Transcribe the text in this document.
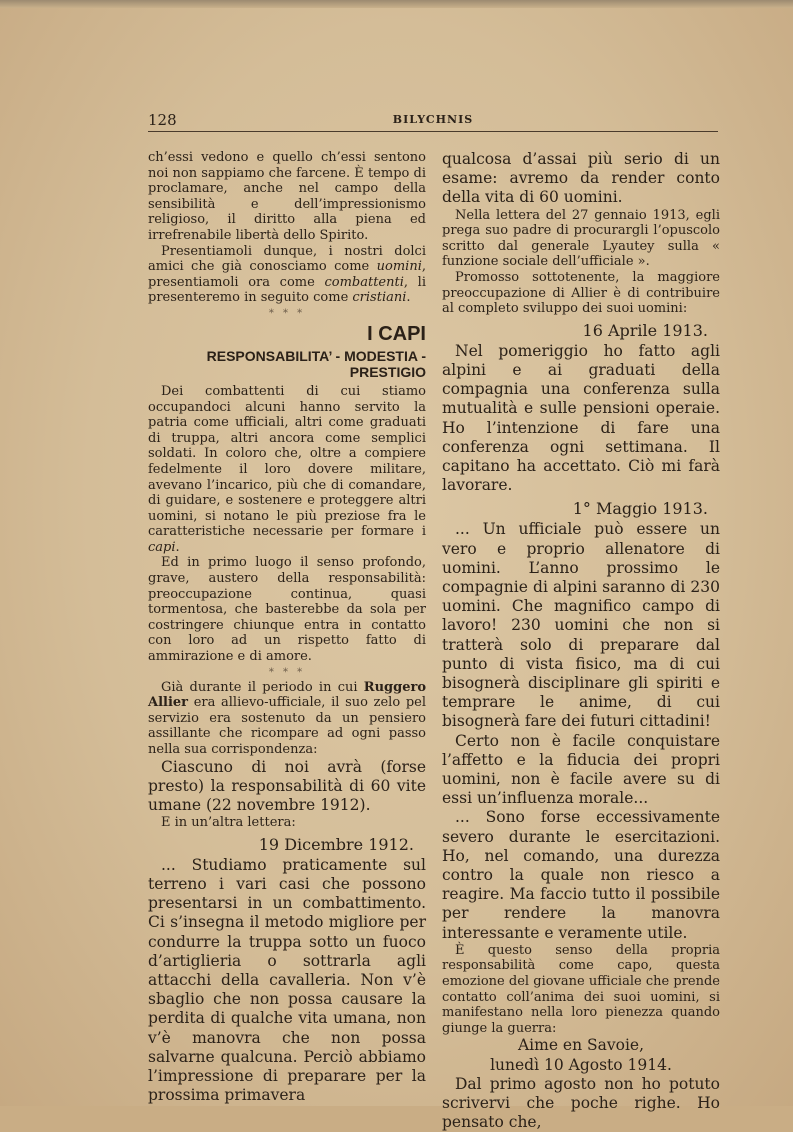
128	BILYCHNIS

ch’essi vedono e quello ch’essi sentono noi non sappiamo che farcene. È tempo di proclamare, anche nel campo della sensibilità e dell’impressionismo religioso, il diritto alla piena ed irrefrenabile libertà dello Spirito.

Presentiamoli dunque, i nostri dolci amici che già conosciamo come uomini, presentiamoli ora come combattenti, li presenteremo in seguito come cristiani.

* * *
I CAPI
RESPONSABILITA’ - MODESTIA - PRESTIGIO

Dei combattenti di cui stiamo occupandoci alcuni hanno servito la patria come ufficiali, altri come graduati di truppa, altri ancora come semplici soldati. In coloro che, oltre a compiere fedelmente il loro dovere militare, avevano l’incarico, più che di comandare, di guidare, e sostenere e proteggere altri uomini, si notano le più preziose fra le caratteristiche necessarie per formare i capi.

Ed in primo luogo il senso profondo, grave, austero della responsabilità: preoccupazione continua, quasi tormentosa, che basterebbe da sola per costringere chiunque entra in contatto con loro ad un rispetto fatto di ammirazione e di amore.

* * *

Già durante il periodo in cui Ruggero Allier era allievo-ufficiale, il suo zelo pel servizio era sostenuto da un pensiero assillante che ricompare ad ogni passo nella sua corrispondenza:

Ciascuno di noi avrà (forse presto) la responsabilità di 60 vite umane (22 novembre 1912).

E in un’altra lettera:

19 Dicembre 1912.

... Studiamo praticamente sul terreno i vari casi che possono presentarsi in un combattimento. Ci s’insegna il metodo migliore per condurre la truppa sotto un fuoco d’artiglieria o sottrarla agli attacchi della cavalleria. Non v’è sbaglio che non possa causare la perdita di qualche vita umana, non v’è manovra che non possa salvarne qualcuna. Perciò abbiamo l’impressione di preparare per la prossima primavera

qualcosa d’assai più serio di un esame: avremo da render conto della vita di 60 uomini.

Nella lettera del 27 gennaio 1913, egli prega suo padre di procurargli l’opuscolo scritto dal generale Lyautey sulla « funzione sociale dell’ufficiale ».

Promosso sottotenente, la maggiore preoccupazione di Allier è di contribuire al completo sviluppo dei suoi uomini:

16 Aprile 1913.

Nel pomeriggio ho fatto agli alpini e ai graduati della compagnia una conferenza sulla mutualità e sulle pensioni operaie. Ho l’intenzione di fare una conferenza ogni settimana. Il capitano ha accettato. Ciò mi farà lavorare.

1° Maggio 1913.

... Un ufficiale può essere un vero e proprio allenatore di uomini. L’anno prossimo le compagnie di alpini saranno di 230 uomini. Che magnifico campo di lavoro! 230 uomini che non si tratterà solo di preparare dal punto di vista fisico, ma di cui bisognerà disciplinare gli spiriti e temprare le anime, di cui bisognerà fare dei futuri cittadini!

Certo non è facile conquistare l’affetto e la fiducia dei propri uomini, non è facile avere su di essi un’influenza morale...

... Sono forse eccessivamente severo durante le esercitazioni. Ho, nel comando, una durezza contro la quale non riesco a reagire. Ma faccio tutto il possibile per rendere la manovra interessante e veramente utile.

È questo senso della propria responsabilità come capo, questa emozione del giovane ufficiale che prende contatto coll’anima dei suoi uomini, si manifestano nella loro pienezza quando giunge la guerra:

Aime en Savoie,
lunedì 10 Agosto 1914.

Dal primo agosto non ho potuto scrivervi che poche righe. Ho pensato che,
